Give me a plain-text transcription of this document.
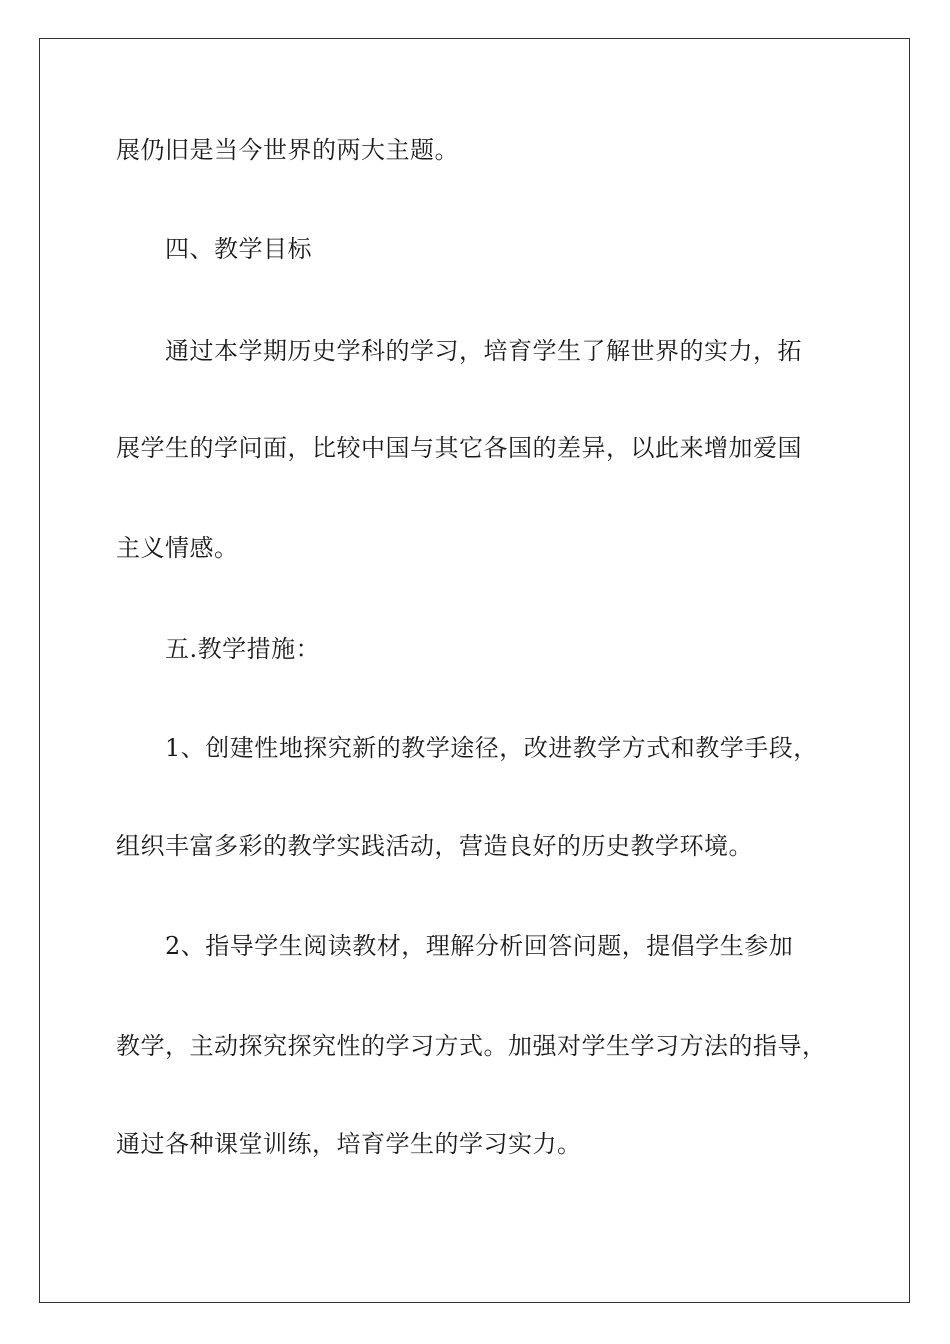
展仍旧是当今世界的两大主题。
四、教学目标
通过本学期历史学科的学习，培育学生了解世界的实力，拓
展学生的学问面，比较中国与其它各国的差异，以此来增加爱国
主义情感。
五.教学措施：
1、创建性地探究新的教学途径，改进教学方式和教学手段，
组织丰富多彩的教学实践活动，营造良好的历史教学环境。
2、指导学生阅读教材，理解分析回答问题，提倡学生参加
教学，主动探究探究性的学习方式。加强对学生学习方法的指导，
通过各种课堂训练，培育学生的学习实力。
